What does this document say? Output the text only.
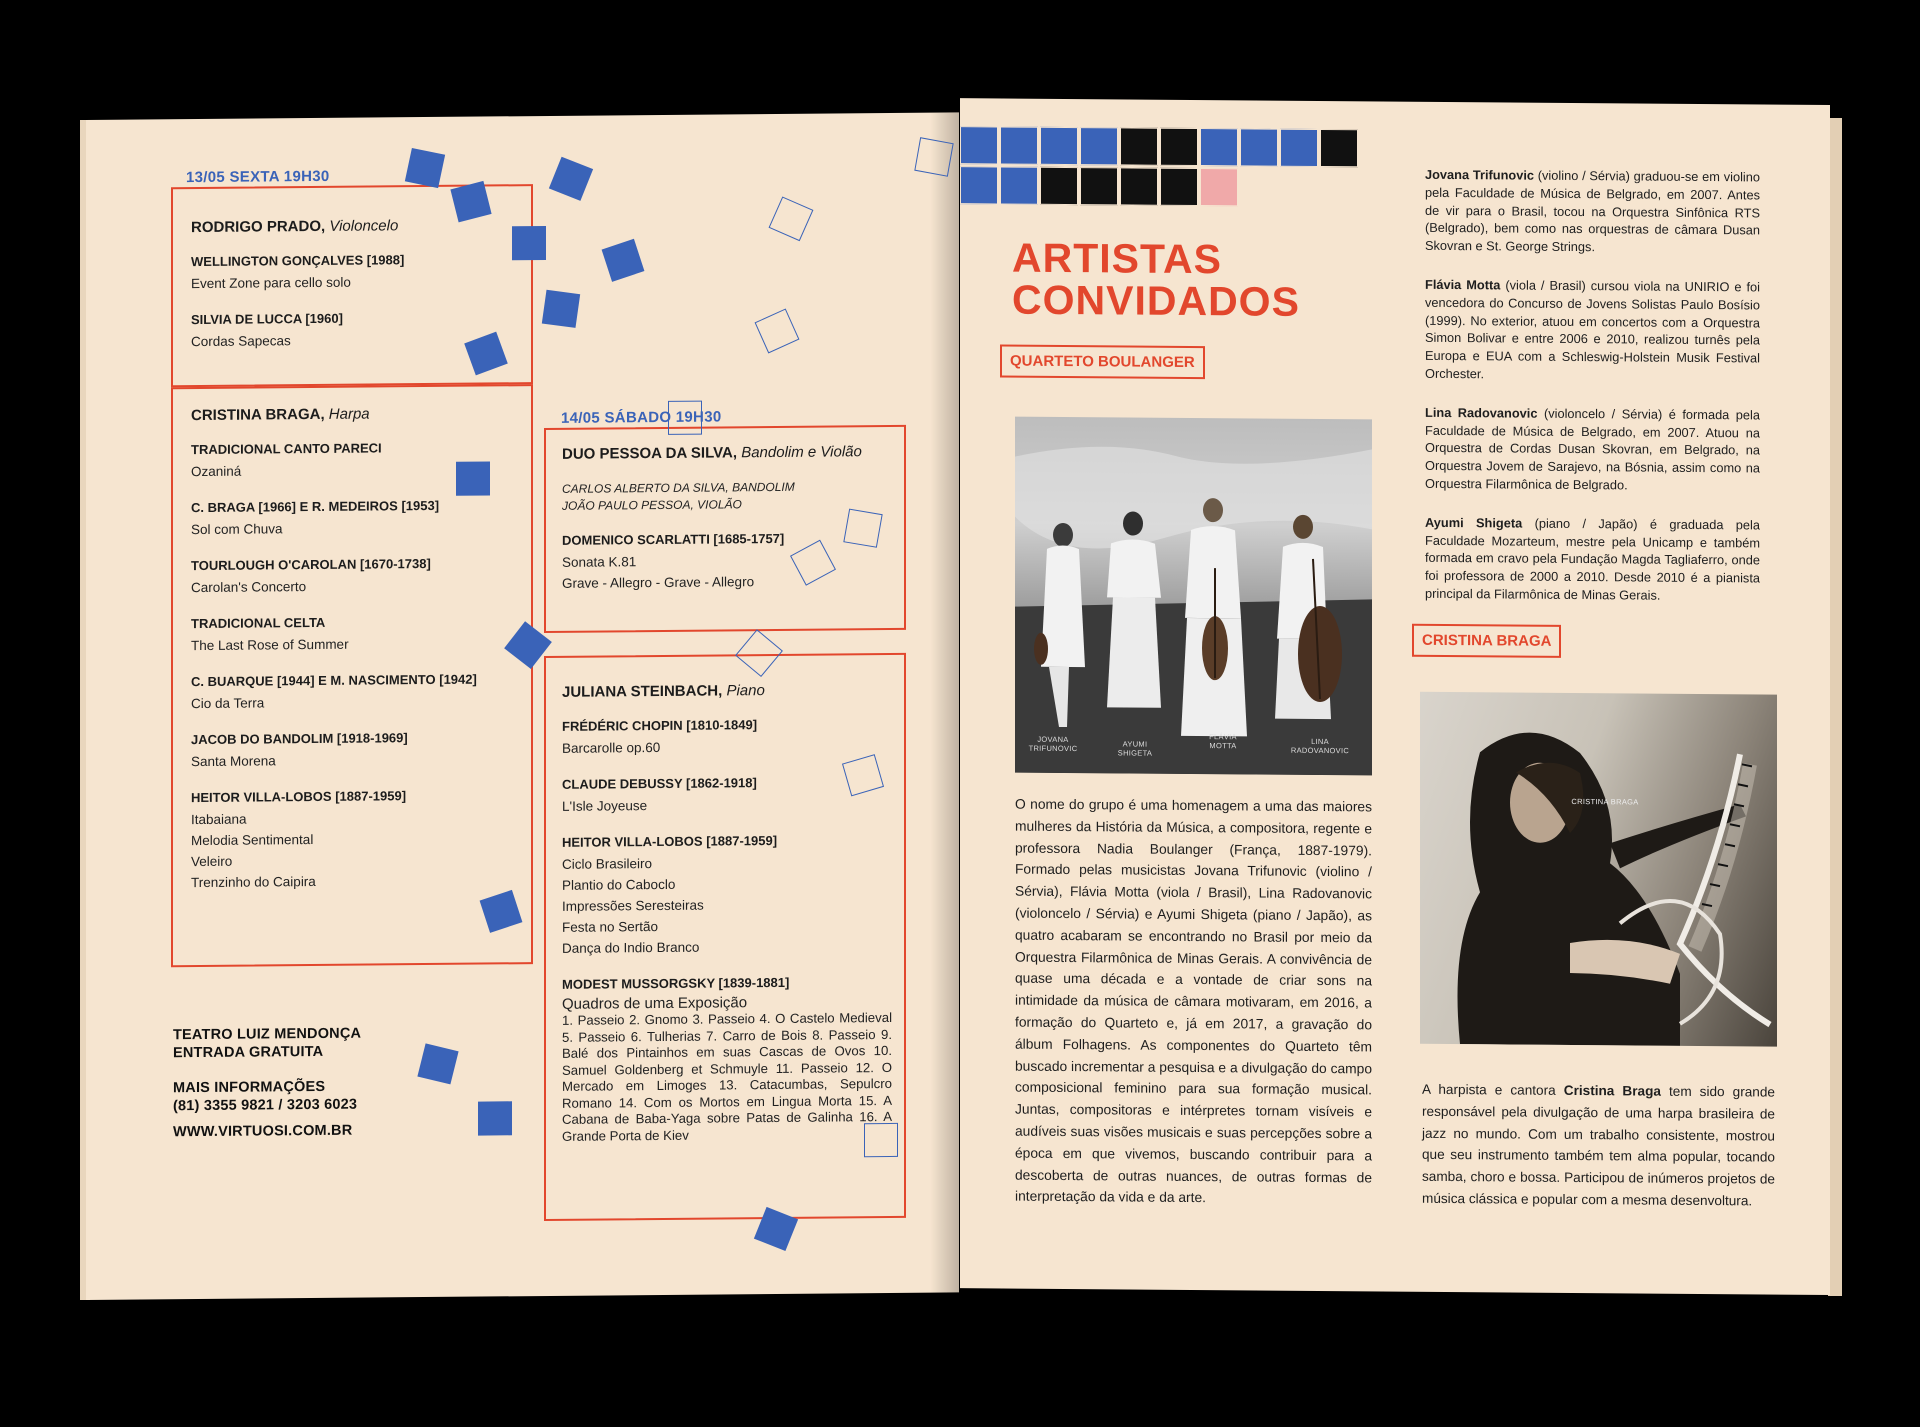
13/05 SEXTA 19H30
RODRIGO PRADO, Violoncelo
WELLINGTON GONÇALVES [1988]
Event Zone para cello solo
SILVIA DE LUCCA [1960]
Cordas Sapecas
CRISTINA BRAGA, Harpa
TRADICIONAL CANTO PARECI
Ozaniná
C. BRAGA [1966] E R. MEDEIROS [1953]
Sol com Chuva
TOURLOUGH O'CAROLAN [1670-1738]
Carolan's Concerto
TRADICIONAL CELTA
The Last Rose of Summer
C. BUARQUE [1944] E M. NASCIMENTO [1942]
Cio da Terra
JACOB DO BANDOLIM [1918-1969]
Santa Morena
HEITOR VILLA-LOBOS [1887-1959]
Itabaiana
Melodia Sentimental
Veleiro
Trenzinho do Caipira
14/05 SÁBADO 19H30
DUO PESSOA DA SILVA, Bandolim e Violão
CARLOS ALBERTO DA SILVA, BANDOLIM
JOÃO PAULO PESSOA, VIOLÃO
DOMENICO SCARLATTI [1685-1757]
Sonata K.81
Grave - Allegro - Grave - Allegro
JULIANA STEINBACH, Piano
FRÉDÉRIC CHOPIN [1810-1849]
Barcarolle op.60
CLAUDE DEBUSSY [1862-1918]
L'Isle Joyeuse
HEITOR VILLA-LOBOS [1887-1959]
Ciclo Brasileiro
Plantio do Caboclo
Impressões Seresteiras
Festa no Sertão
Dança do Indio Branco
MODEST MUSSORGSKY [1839-1881]
Quadros de uma Exposição
1. Passeio 2. Gnomo 3. Passeio 4. O Castelo Medieval 5. Passeio 6. Tulherias 7. Carro de Bois 8. Passeio 9. Balé dos Pintainhos em suas Cascas de Ovos 10. Samuel Goldenberg et Schmuyle 11. Passeio 12. O Mercado em Limoges 13. Catacumbas, Sepulcro Romano 14. Com os Mortos em Lingua Morta 15. A Cabana de Baba-Yaga sobre Patas de Galinha 16. A Grande Porta de Kiev
TEATRO LUIZ MENDONÇA
ENTRADA GRATUITA
MAIS INFORMAÇÕES
(81) 3355 9821 / 3203 6023
WWW.VIRTUOSI.COM.BR
ARTISTAS
CONVIDADOS
QUARTETO BOULANGER
JOVANA
TRIFUNOVIC	AYUMI
SHIGETA
FLÁVIA
MOTTA	LINA
RADOVANOVIC
O nome do grupo é uma homenagem a uma das maiores mulheres da História da Música, a compositora, regente e professora Nadia Boulanger (França, 1887-1979). Formado pelas musicistas Jovana Trifunovic (violino / Sérvia), Flávia Motta (viola / Brasil), Lina Radovanovic (violoncelo / Sérvia) e Ayumi Shigeta (piano / Japão), as quatro acabaram se encontrando no Brasil por meio da Orquestra Filarmônica de Minas Gerais. A convivência de quase uma década e a vontade de criar sons na intimidade da música de câmara motivaram, em 2016, a formação do Quarteto e, já em 2017, a gravação do álbum Folhagens. As componentes do Quarteto têm buscado incrementar a pesquisa e a divulgação do campo composicional feminino para sua formação musical. Juntas, compositoras e intérpretes tornam visíveis e audíveis suas visões musicais e suas percepções sobre a época em que vivemos, buscando contribuir para a descoberta de outras nuances, de outras formas de interpretação da vida e da arte.
Jovana Trifunovic (violino / Sérvia) graduou-se em violino pela Faculdade de Música de Belgrado, em 2007. Antes de vir para o Brasil, tocou na Orquestra Sinfônica RTS (Belgrado), bem como nas orquestras de câmara Dusan Skovran e St. George Strings.
Flávia Motta (viola / Brasil) cursou viola na UNIRIO e foi vencedora do Concurso de Jovens Solistas Paulo Bosísio (1999). No exterior, atuou em concertos com a Orquestra Simon Bolivar e entre 2006 e 2010, realizou turnês pela Europa e EUA com a Schleswig-Holstein Musik Festival Orchester.
Lina Radovanovic (violoncelo / Sérvia) é formada pela Faculdade de Música de Belgrado, em 2007. Atuou na Orquestra de Cordas Dusan Skovran, em Belgrado, na Orquestra Jovem de Sarajevo, na Bósnia, assim como na Orquestra Filarmônica de Belgrado.
Ayumi Shigeta (piano / Japão) é graduada pela Faculdade Mozarteum, mestre pela Unicamp e também formada em cravo pela Fundação Magda Tagliaferro, onde foi professora de 2000 a 2010. Desde 2010 é a pianista principal da Filarmônica de Minas Gerais.
CRISTINA BRAGA
CRISTINA BRAGA
A harpista e cantora Cristina Braga tem sido grande responsável pela divulgação de uma harpa brasileira de jazz no mundo. Com um trabalho consistente, mostrou que seu instrumento também tem alma popular, tocando samba, choro e bossa. Participou de inúmeros projetos de música clássica e popular com a mesma desenvoltura.
